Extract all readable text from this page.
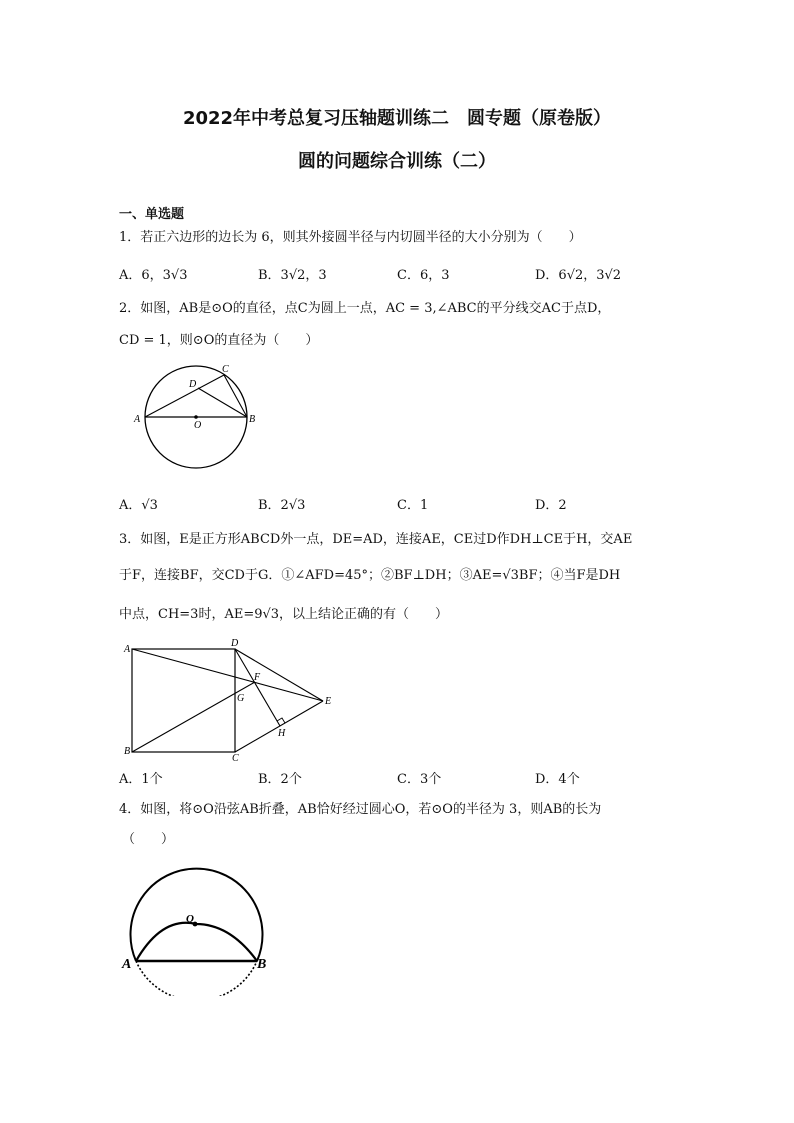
2022年中考总复习压轴题训练二　圆专题（原卷版）
圆的问题综合训练（二）
一、单选题
1．若正六边形的边长为 6，则其外接圆半径与内切圆半径的大小分别为（　　）
A．6，3√3	B．3√2，3	C．6，3	D．6√2，3√2
2．如图，AB是⊙O的直径，点C为圆上一点，AC = 3,∠ABC的平分线交AC于点D，
CD = 1，则⊙O的直径为（　　）
A	B
C
D
O
A．√3	B．2√3	C．1	D．2
3．如图，E是正方形ABCD外一点，DE=AD，连接AE，CE过D作DH⊥CE于H，交AE
于F，连接BF，交CD于G．①∠AFD=45°；②BF⊥DH；③AE=√3BF；④当F是DH
中点，CH=3时，AE=9√3，以上结论正确的有（　　）
A
B
C
D
E
F
G
H
A．1个	B．2个	C．3个	D．4个
4．如图，将⊙O沿弦AB折叠，AB恰好经过圆心O，若⊙O的半径为 3，则AB的长为
（　　）
O
A	B
